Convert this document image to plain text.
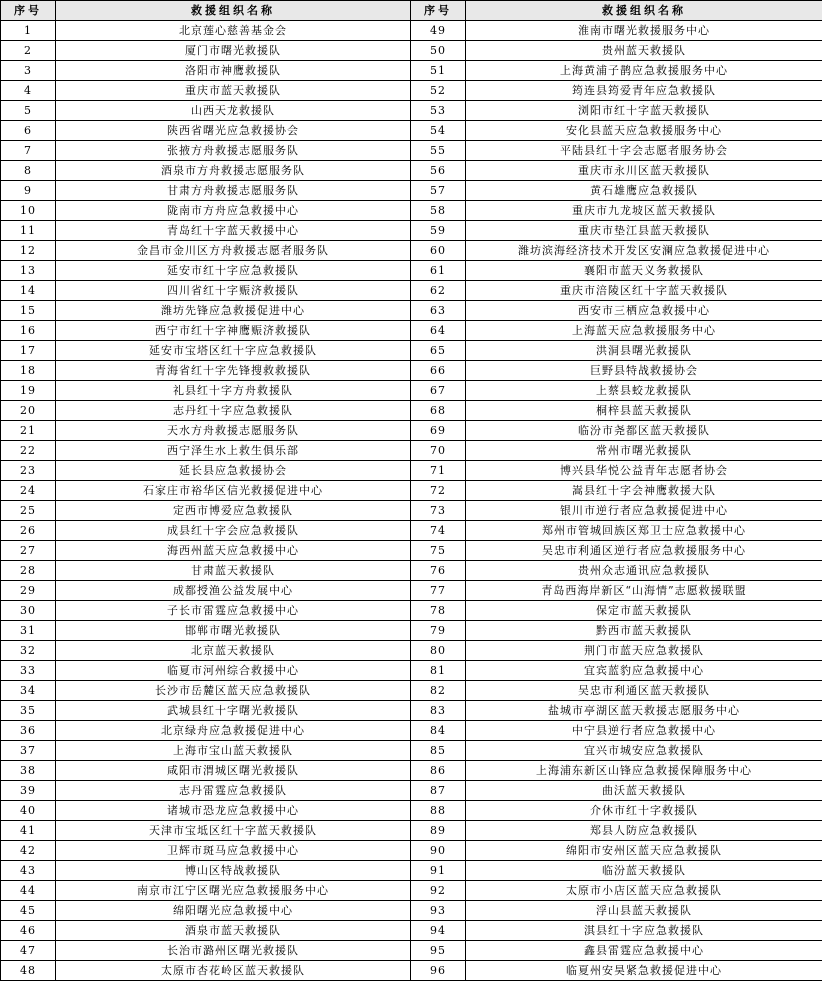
序号	救援组织名称	序号	救援组织名称
1	北京莲心慈善基金会	49	淮南市曙光救援服务中心
2	厦门市曙光救援队	50	贵州蓝天救援队
3	洛阳市神鹰救援队	51	上海黄浦子鹊应急救援服务中心
4	重庆市蓝天救援队	52	筠连县筠爱青年应急救援队
5	山西天龙救援队	53	浏阳市红十字蓝天救援队
6	陕西省曙光应急救援协会	54	安化县蓝天应急救援服务中心
7	张掖方舟救援志愿服务队	55	平陆县红十字会志愿者服务协会
8	酒泉市方舟救援志愿服务队	56	重庆市永川区蓝天救援队
9	甘肃方舟救援志愿服务队	57	黄石雄鹰应急救援队
10	陇南市方舟应急救援中心	58	重庆市九龙坡区蓝天救援队
11	青岛红十字蓝天救援中心	59	重庆市垫江县蓝天救援队
12	金昌市金川区方舟救援志愿者服务队	60	潍坊滨海经济技术开发区安澜应急救援促进中心
13	延安市红十字应急救援队	61	襄阳市蓝天义务救援队
14	四川省红十字赈济救援队	62	重庆市涪陵区红十字蓝天救援队
15	潍坊先锋应急救援促进中心	63	西安市三栖应急救援中心
16	西宁市红十字神鹰赈济救援队	64	上海蓝天应急救援服务中心
17	延安市宝塔区红十字应急救援队	65	洪洞县曙光救援队
18	青海省红十字先锋搜救救援队	66	巨野县特战救援协会
19	礼县红十字方舟救援队	67	上蔡县蛟龙救援队
20	志丹红十字应急救援队	68	桐梓县蓝天救援队
21	天水方舟救援志愿服务队	69	临汾市尧都区蓝天救援队
22	西宁泽生水上救生俱乐部	70	常州市曙光救援队
23	延长县应急救援协会	71	博兴县华悦公益青年志愿者协会
24	石家庄市裕华区信光救援促进中心	72	嵩县红十字会神鹰救援大队
25	定西市博爱应急救援队	73	银川市逆行者应急救援促进中心
26	成县红十字会应急救援队	74	郑州市管城回族区郑卫士应急救援中心
27	海西州蓝天应急救援中心	75	吴忠市利通区逆行者应急救援服务中心
28	甘肃蓝天救援队	76	贵州众志通讯应急救援队
29	成都授渔公益发展中心	77	青岛西海岸新区“山海情”志愿救援联盟
30	子长市雷霆应急救援中心	78	保定市蓝天救援队
31	邯郸市曙光救援队	79	黔西市蓝天救援队
32	北京蓝天救援队	80	荆门市蓝天应急救援队
33	临夏市河州综合救援中心	81	宜宾蓝豹应急救援中心
34	长沙市岳麓区蓝天应急救援队	82	吴忠市利通区蓝天救援队
35	武城县红十字曙光救援队	83	盐城市亭湖区蓝天救援志愿服务中心
36	北京绿舟应急救援促进中心	84	中宁县逆行者应急救援中心
37	上海市宝山蓝天救援队	85	宜兴市城安应急救援队
38	咸阳市渭城区曙光救援队	86	上海浦东新区山锋应急救援保障服务中心
39	志丹雷霆应急救援队	87	曲沃蓝天救援队
40	诸城市恐龙应急救援中心	88	介休市红十字救援队
41	天津市宝坻区红十字蓝天救援队	89	郑县人防应急救援队
42	卫辉市斑马应急救援中心	90	绵阳市安州区蓝天应急救援队
43	博山区特战救援队	91	临汾蓝天救援队
44	南京市江宁区曙光应急救援服务中心	92	太原市小店区蓝天应急救援队
45	绵阳曙光应急救援中心	93	浮山县蓝天救援队
46	酒泉市蓝天救援队	94	淇县红十字应急救援队
47	长治市潞州区曙光救援队	95	鑫县雷霆应急救援中心
48	太原市杏花岭区蓝天救援队	96	临夏州安昊紧急救援促进中心
